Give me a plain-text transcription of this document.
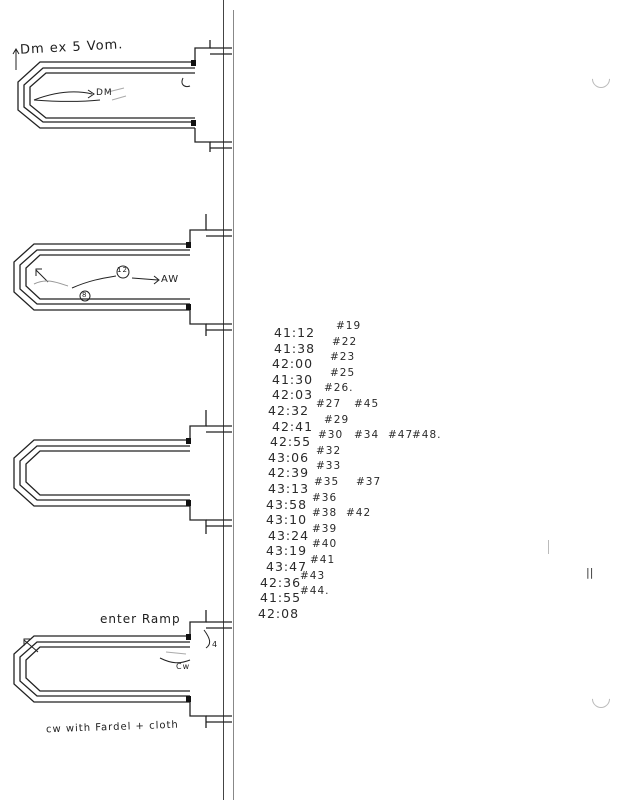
Dm ex 5 Vom.
DM
AW
12
8
enter Ramp
Cw
4
cw with Fardel + cloth
41:12 #19
41:38 #22
42:00 #23
41:30 #25
42:03 #26.
42:32 #27 #45
42:41 #29
42:55 #30 #34 #47
#48.
43:06 #32
42:39 #33
43:13 #35 #37
43:58 #36
43:10 #38 #42
43:24 #39
43:19 #40
43:47 #41
42:36
#43
41:55
#44.
42:08
||
